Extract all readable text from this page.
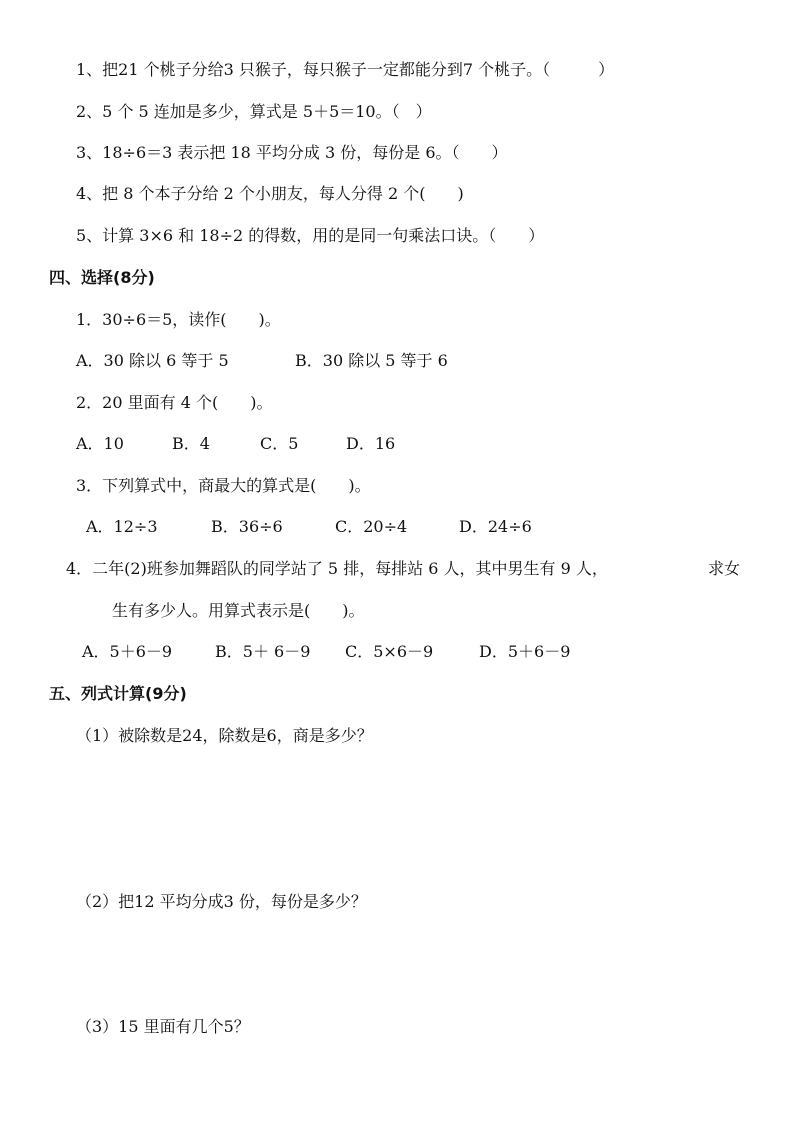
1、把21 个桃子分给3 只猴子，每只猴子一定都能分到7 个桃子。（　　　）
2、5 个 5 连加是多少，算式是 5＋5＝10。（　）
3、18÷6＝3 表示把 18 平均分成 3 份，每份是 6。（　　）
4、把 8 个本子分给 2 个小朋友，每人分得 2 个(　　)
5、计算 3×6 和 18÷2 的得数，用的是同一句乘法口诀。（　　）
四、选择(8分)
1．30÷6＝5，读作(　　)。
A．30 除以 6 等于 5	B．30 除以 5 等于 6
2．20 里面有 4 个(　　)。
A．10	B．4	C．5	D．16
3．下列算式中，商最大的算式是(　　)。
A．12÷3	B．36÷6	C．20÷4	D．24÷6
4．二年(2)班参加舞蹈队的同学站了 5 排，每排站 6 人，其中男生有 9 人，	求女
生有多少人。用算式表示是(　　)。
A．5＋6－9	B．5＋ 6－9 C．5×6－9	D．5＋6－9
五、列式计算(9分)
（1）被除数是24，除数是6，商是多少？
（2）把12 平均分成3 份，每份是多少？
（3）15 里面有几个5？
